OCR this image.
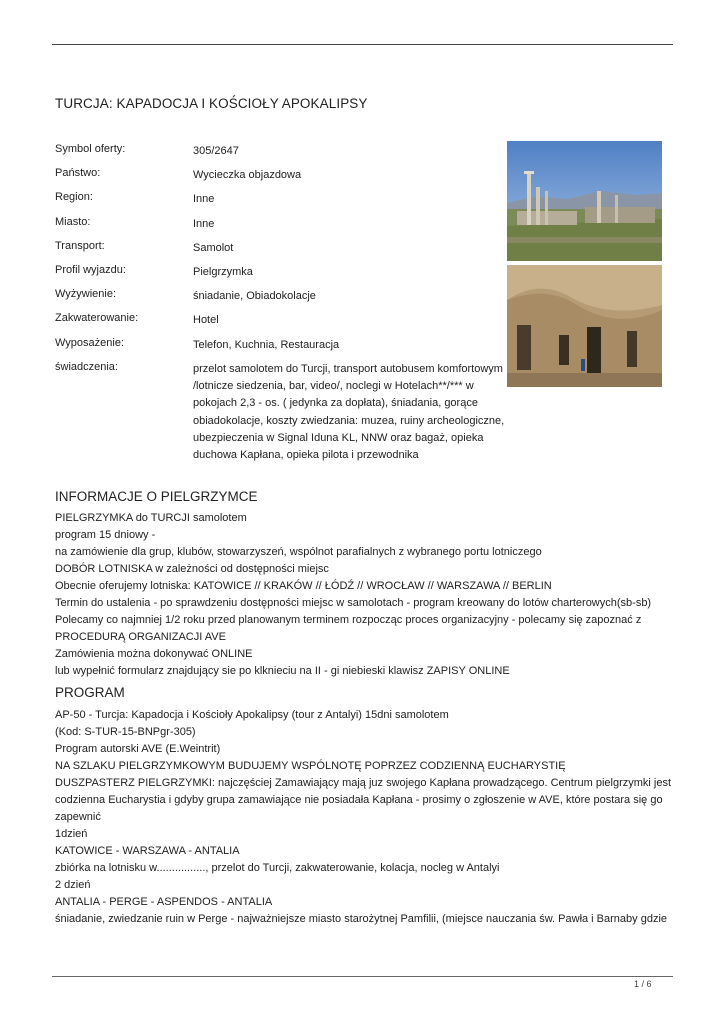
TURCJA: KAPADOCJA I KOŚCIOŁY APOKALIPSY
Symbol oferty:	305/2647
Państwo:	Wycieczka objazdowa
Region:	Inne
Miasto:	Inne
Transport:	Samolot
Profil wyjazdu:	Pielgrzymka
Wyżywienie:	śniadanie, Obiadokolacje
Zakwaterowanie:	Hotel
Wyposażenie:	Telefon, Kuchnia, Restauracja
świadczenia:	przelot samolotem do Turcji, transport autobusem komfortowym /lotnicze siedzenia, bar, video/, noclegi w Hotelach**/*** w pokojach 2,3 - os. ( jedynka za dopłata), śniadania, gorące obiadokolacje, koszty zwiedzania: muzea, ruiny archeologiczne, ubezpieczenia w Signal Iduna KL, NNW oraz bagaż, opieka duchowa Kapłana, opieka pilota i przewodnika
INFORMACJE O PIELGRZYMCE

PIELGRZYMKA do TURCJI samolotem

program 15 dniowy -

na zamówienie dla grup, klubów, stowarzyszeń, wspólnot parafialnych z wybranego portu lotniczego

DOBÓR LOTNISKA w zależności od dostępności miejsc

Obecnie oferujemy lotniska: KATOWICE // KRAKÓW // ŁÓDŹ // WROCŁAW // WARSZAWA // BERLIN

Termin do ustalenia - po sprawdzeniu dostępności miejsc w samolotach - program kreowany do lotów charterowych(sb-sb)

Polecamy co najmniej 1/2 roku przed planowanym terminem rozpocząc proces organizacyjny - polecamy się zapoznać z

PROCEDURĄ ORGANIZACJI AVE

Zamówienia można dokonywać ONLINE

lub wypełnić formularz znajdujący sie po klknieciu na II - gi niebieski klawisz ZAPISY ONLINE

PROGRAM

AP-50 - Turcja: Kapadocja i Kościoły Apokalipsy (tour z Antalyi) 15dni samolotem

(Kod: S-TUR-15-BNPgr-305)

Program autorski AVE (E.Weintrit)

NA SZLAKU PIELGRZYMKOWYM BUDUJEMY WSPÓLNOTĘ POPRZEZ CODZIENNĄ EUCHARYSTIĘ

DUSZPASTERZ PIELGRZYMKI: najczęściej Zamawiający mają juz swojego Kapłana prowadzącego. Centrum pielgrzymki jest codzienna Eucharystia i gdyby grupa zamawiające nie posiadała Kapłana - prosimy o zgłoszenie w AVE, które postara się go zapewnić

1dzień

KATOWICE - WARSZAWA - ANTALIA

zbiórka na lotnisku w................, przelot do Turcji, zakwaterowanie, kolacja, nocleg w Antalyi

2 dzień

ANTALIA - PERGE - ASPENDOS - ANTALIA

śniadanie, zwiedzanie ruin w Perge - najważniejsze miasto starożytnej Pamfilii, (miejsce nauczania św. Pawła i Barnaby gdzie

1 / 6
